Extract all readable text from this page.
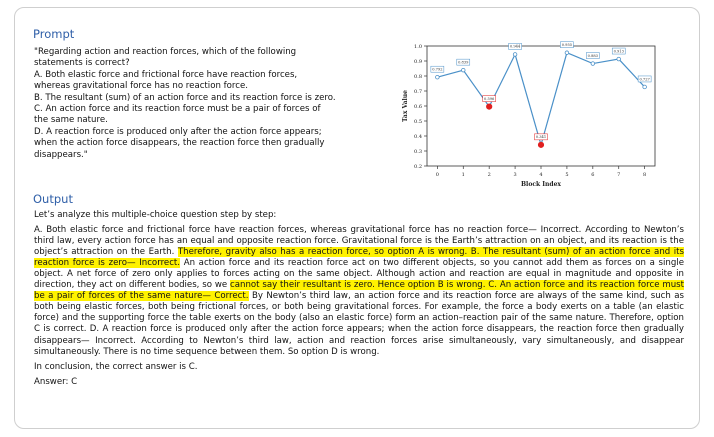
Prompt
"Regarding action and reaction forces, which of the following
statements is correct?
A. Both elastic force and frictional force have reaction forces,
whereas gravitational force has no reaction force.
B. The resultant (sum) of an action force and its reaction force is zero.
C. An action force and its reaction force must be a pair of forces of
the same nature.
D. A reaction force is produced only after the action force appears;
when the action force disappears, the reaction force then gradually
disappears."
0.2
0.3
0.4
0.5
0.6
0.7
0.8
0.9
1.0
0	1	2	3	4	5	6	7	8
Block Index
Tax Value
0.792
0.839
0.596
0.944
0.341
0.955
0.883
0.913
0.727
Output

Let’s analyze this multiple-choice question step by step:

A. Both elastic force and frictional force have reaction forces, whereas gravitational force has no reaction force— Incorrect. According to Newton’s third law, every action force has an equal and opposite reaction force. Gravitational force is the Earth’s attraction on an object, and its reaction is the object’s attraction on the Earth. Therefore, gravity also has a reaction force, so option A is wrong. B. The resultant (sum) of an action force and its reaction force is zero— Incorrect. An action force and its reaction force act on two different objects, so you cannot add them as forces on a single object. A net force of zero only applies to forces acting on the same object. Although action and reaction are equal in magnitude and opposite in direction, they act on different bodies, so we cannot say their resultant is zero. Hence option B is wrong. C. An action force and its reaction force must be a pair of forces of the same nature— Correct. By Newton’s third law, an action force and its reaction force are always of the same kind, such as both being elastic forces, both being frictional forces, or both being gravitational forces. For example, the force a body exerts on a table (an elastic force) and the supporting force the table exerts on the body (also an elastic force) form an action–reaction pair of the same nature. Therefore, option C is correct. D. A reaction force is produced only after the action force appears; when the action force disappears, the reaction force then gradually disappears— Incorrect. According to Newton’s third law, action and reaction forces arise simultaneously, vary simultaneously, and disappear simultaneously. There is no time sequence between them. So option D is wrong.

In conclusion, the correct answer is C.

Answer: C
